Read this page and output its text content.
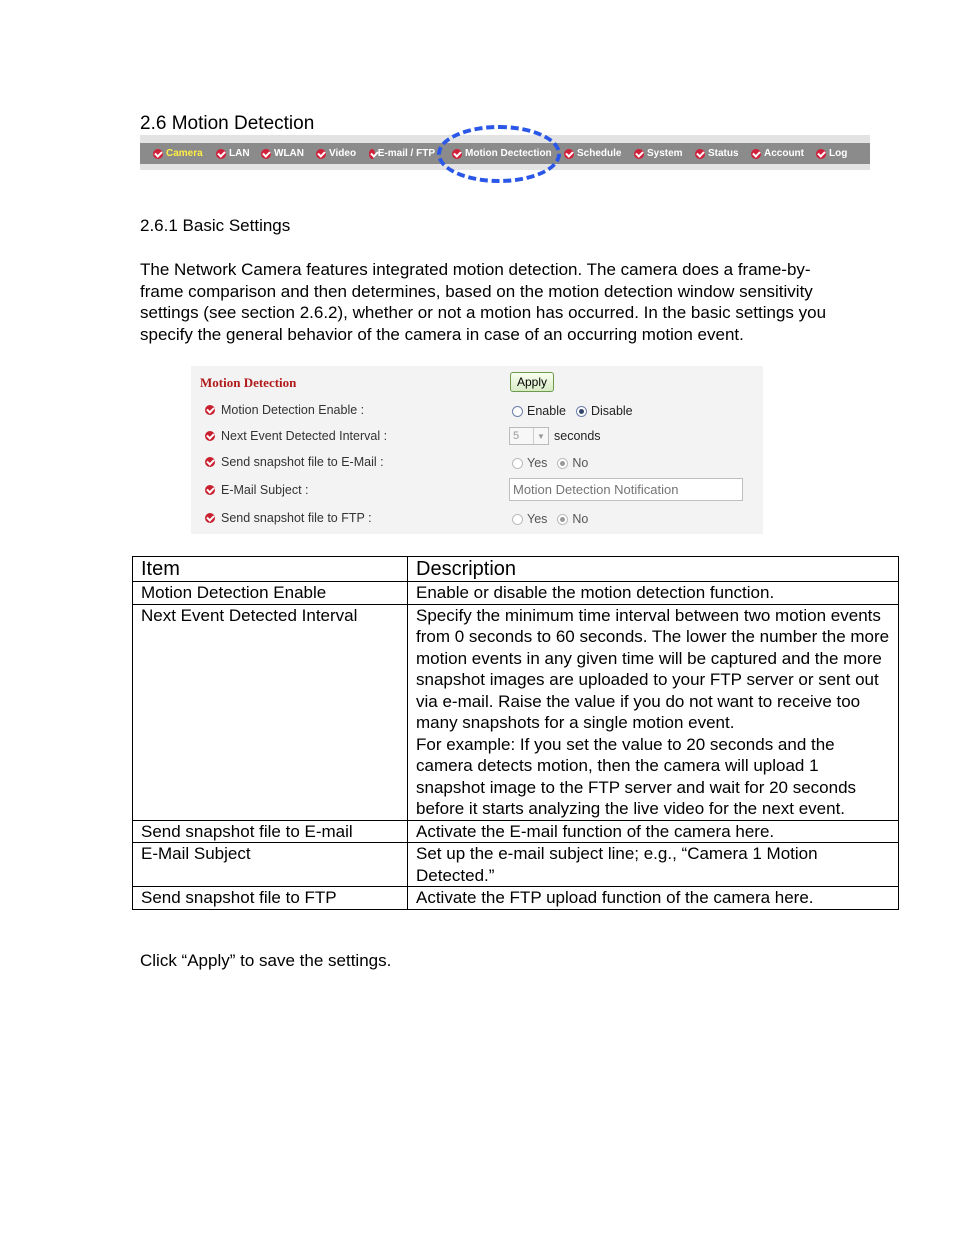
2.6 Motion Detection
Camera	LAN WLAN	Video E-mail / FTP	Motion Dectection	Schedule	System	Status	Account	Log
2.6.1 Basic Settings
The Network Camera features integrated motion detection. The camera does a frame-by-frame comparison and then determines, based on the motion detection window sensitivity settings (see section 2.6.2), whether or not a motion has occurred. In the basic settings you specify the general behavior of the camera in case of an occurring motion event.
Motion Detection	Apply
Motion Detection Enable :	Enable Disable
Next Event Detected Interval :	5	▼ seconds
Send snapshot file to E-Mail :	Yes No
E-Mail Subject :
Motion Detection Notification
Send snapshot file to FTP :	Yes No
Item	Description
Motion Detection Enable	Enable or disable the motion detection function.
Next Event Detected Interval	Specify the minimum time interval between two motion events from 0 seconds to 60 seconds. The lower the number the more motion events in any given time will be captured and the more snapshot images are uploaded to your FTP server or sent out via e-mail. Raise the value if you do not want to receive too many snapshots for a single motion event.
For example: If you set the value to 20 seconds and the camera detects motion, then the camera will upload 1 snapshot image to the FTP server and wait for 20 seconds before it starts analyzing the live video for the next event.

Send snapshot file to E-mail	Activate the E-mail function of the camera here.
E-Mail Subject	Set up the e-mail subject line; e.g., “Camera 1 Motion Detected.”
Send snapshot file to FTP	Activate the FTP upload function of the camera here.
Click “Apply” to save the settings.
